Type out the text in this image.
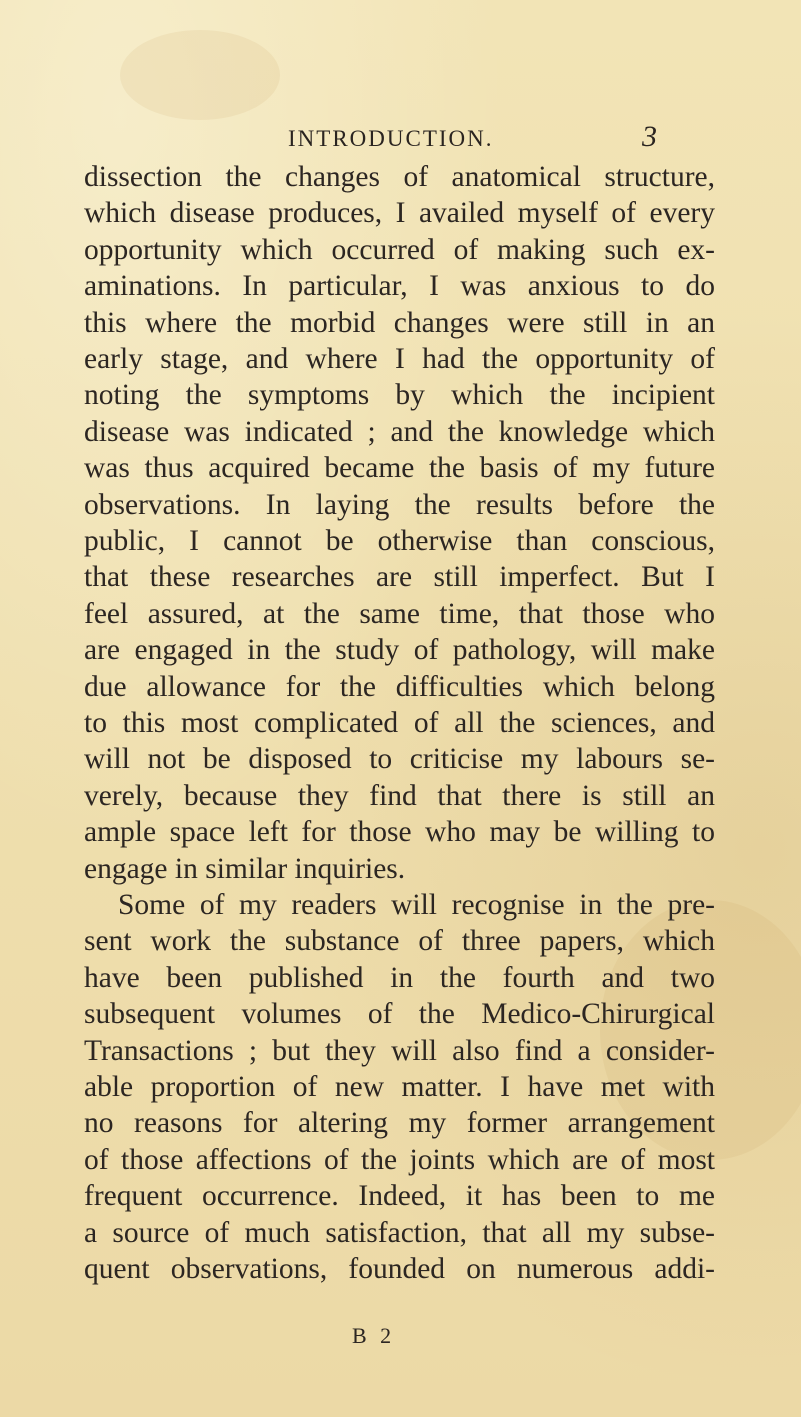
INTRODUCTION.	3
dissection the changes of anatomical structure,
which disease produces, I availed myself of every
opportunity which occurred of making such ex-
aminations. In particular, I was anxious to do
this where the morbid changes were still in an
early stage, and where I had the opportunity of
noting the symptoms by which the incipient
disease was indicated ; and the knowledge which
was thus acquired became the basis of my future
observations. In laying the results before the
public, I cannot be otherwise than conscious,
that these researches are still imperfect. But I
feel assured, at the same time, that those who
are engaged in the study of pathology, will make
due allowance for the difficulties which belong
to this most complicated of all the sciences, and
will not be disposed to criticise my labours se-
verely, because they find that there is still an
ample space left for those who may be willing to
engage in similar inquiries.
Some of my readers will recognise in the pre-
sent work the substance of three papers, which
have been published in the fourth and two
subsequent volumes of the Medico-Chirurgical
Transactions ; but they will also find a consider-
able proportion of new matter. I have met with
no reasons for altering my former arrangement
of those affections of the joints which are of most
frequent occurrence. Indeed, it has been to me
a source of much satisfaction, that all my subse-
quent observations, founded on numerous addi-
B 2
